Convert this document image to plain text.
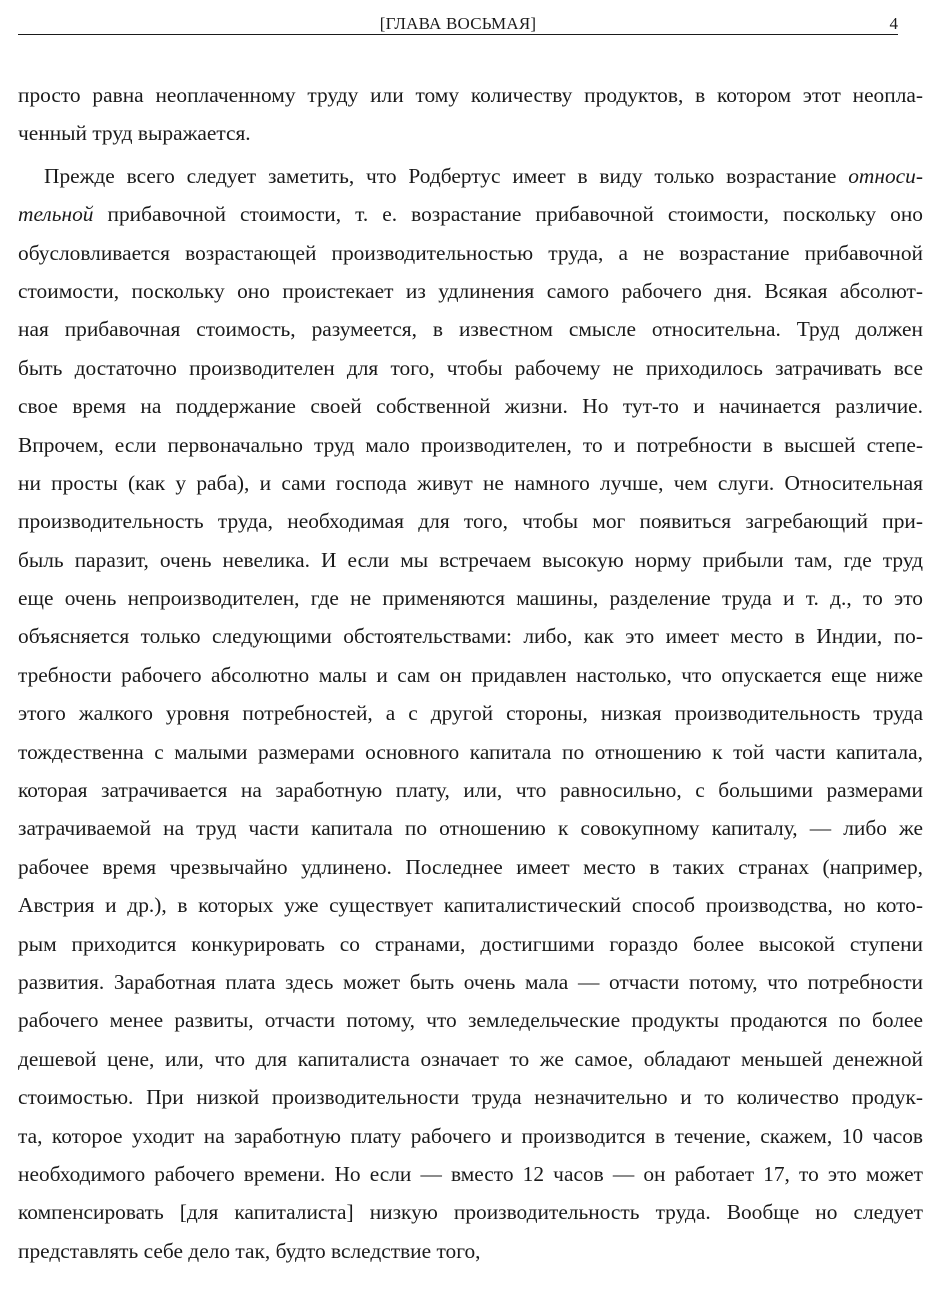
[ГЛАВА ВОСЬМАЯ]	4
просто равна неоплаченному труду или тому количеству продуктов, в котором этот неопла-
ченный труд выражается.
Прежде всего следует заметить, что Родбертус имеет в виду только возрастание относи-
тельной прибавочной стоимости, т. е. возрастание прибавочной стоимости, поскольку оно
обусловливается возрастающей производительностью труда, а не возрастание прибавочной
стоимости, поскольку оно проистекает из удлинения самого рабочего дня. Всякая абсолют-
ная прибавочная стоимость, разумеется, в известном смысле относительна. Труд должен
быть достаточно производителен для того, чтобы рабочему не приходилось затрачивать все
свое время на поддержание своей собственной жизни. Но тут-то и начинается различие.
Впрочем, если первоначально труд мало производителен, то и потребности в высшей степе-
ни просты (как у раба), и сами господа живут не намного лучше, чем слуги. Относительная
производительность труда, необходимая для того, чтобы мог появиться загребающий при-
быль паразит, очень невелика. И если мы встречаем высокую норму прибыли там, где труд
еще очень непроизводителен, где не применяются машины, разделение труда и т. д., то это
объясняется только следующими обстоятельствами: либо, как это имеет место в Индии, по-
требности рабочего абсолютно малы и сам он придавлен настолько, что опускается еще ниже
этого жалкого уровня потребностей, а с другой стороны, низкая производительность труда
тождественна с малыми размерами основного капитала по отношению к той части капитала,
которая затрачивается на заработную плату, или, что равносильно, с большими размерами
затрачиваемой на труд части капитала по отношению к совокупному капиталу, — либо же
рабочее время чрезвычайно удлинено. Последнее имеет место в таких странах (например,
Австрия и др.), в которых уже существует капиталистический способ производства, но кото-
рым приходится конкурировать со странами, достигшими гораздо более высокой ступени
развития. Заработная плата здесь может быть очень мала — отчасти потому, что потребности
рабочего менее развиты, отчасти потому, что земледельческие продукты продаются по более
дешевой цене, или, что для капиталиста означает то же самое, обладают меньшей денежной
стоимостью. При низкой производительности труда незначительно и то количество продук-
та, которое уходит на заработную плату рабочего и производится в течение, скажем, 10 часов
необходимого рабочего времени. Но если — вместо 12 часов — он работает 17, то это может
компенсировать [для капиталиста] низкую производительность труда. Вообще но следует
представлять себе дело так, будто вследствие того,
